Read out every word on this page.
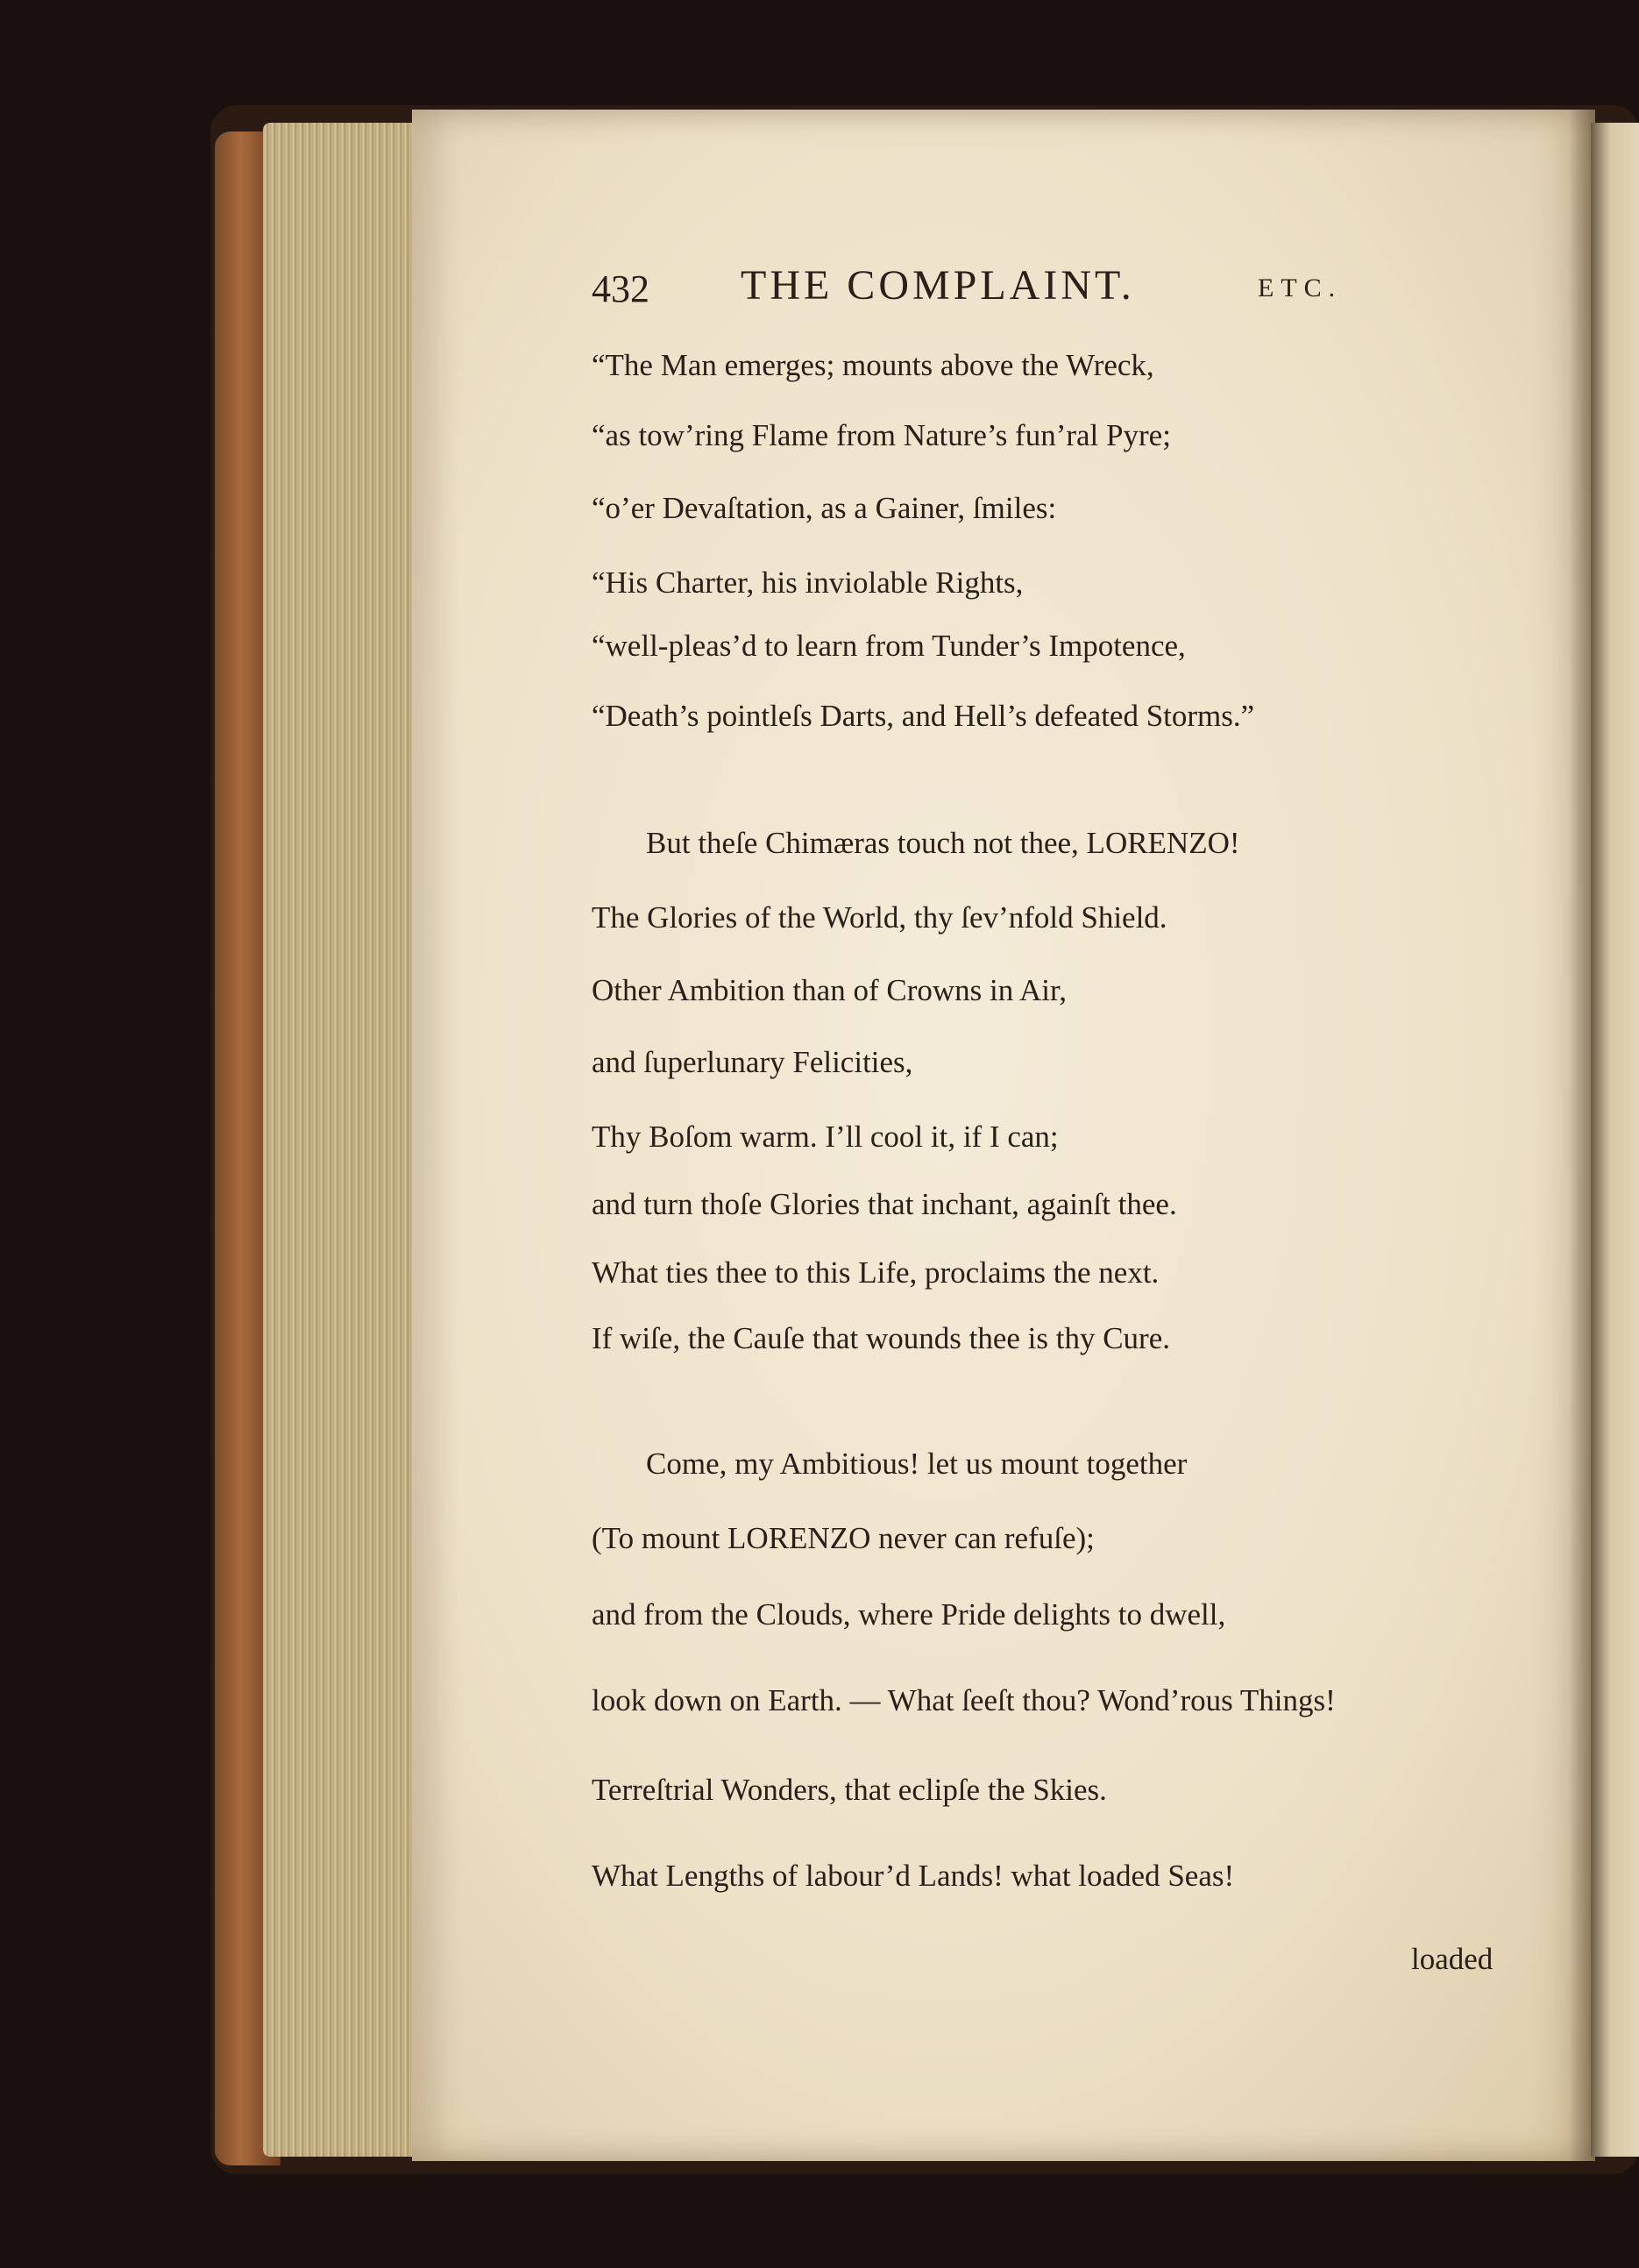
432 THE COMPLAINT.	ETC.
“The Man emerges; mounts above the Wreck,
“as tow’ring Flame from Nature’s fun’ral Pyre;
“o’er Devaſtation, as a Gainer, ſmiles:
“His Charter, his inviolable Rights,
“well-pleas’d to learn from Tunder’s Impotence,
“Death’s pointleſs Darts, and Hell’s defeated Storms.”
But theſe Chimæras touch not thee, LORENZO!
The Glories of the World, thy ſev’nfold Shield.
Other Ambition than of Crowns in Air,
and ſuperlunary Felicities,
Thy Boſom warm. I’ll cool it, if I can;
and turn thoſe Glories that inchant, againſt thee.
What ties thee to this Life, proclaims the next.
If wiſe, the Cauſe that wounds thee is thy Cure.
Come, my Ambitious! let us mount together
(To mount LORENZO never can refuſe);
and from the Clouds, where Pride delights to dwell,
look down on Earth. — What ſeeſt thou? Wond’rous Things!
Terreſtrial Wonders, that eclipſe the Skies.
What Lengths of labour’d Lands! what loaded Seas!
loaded
